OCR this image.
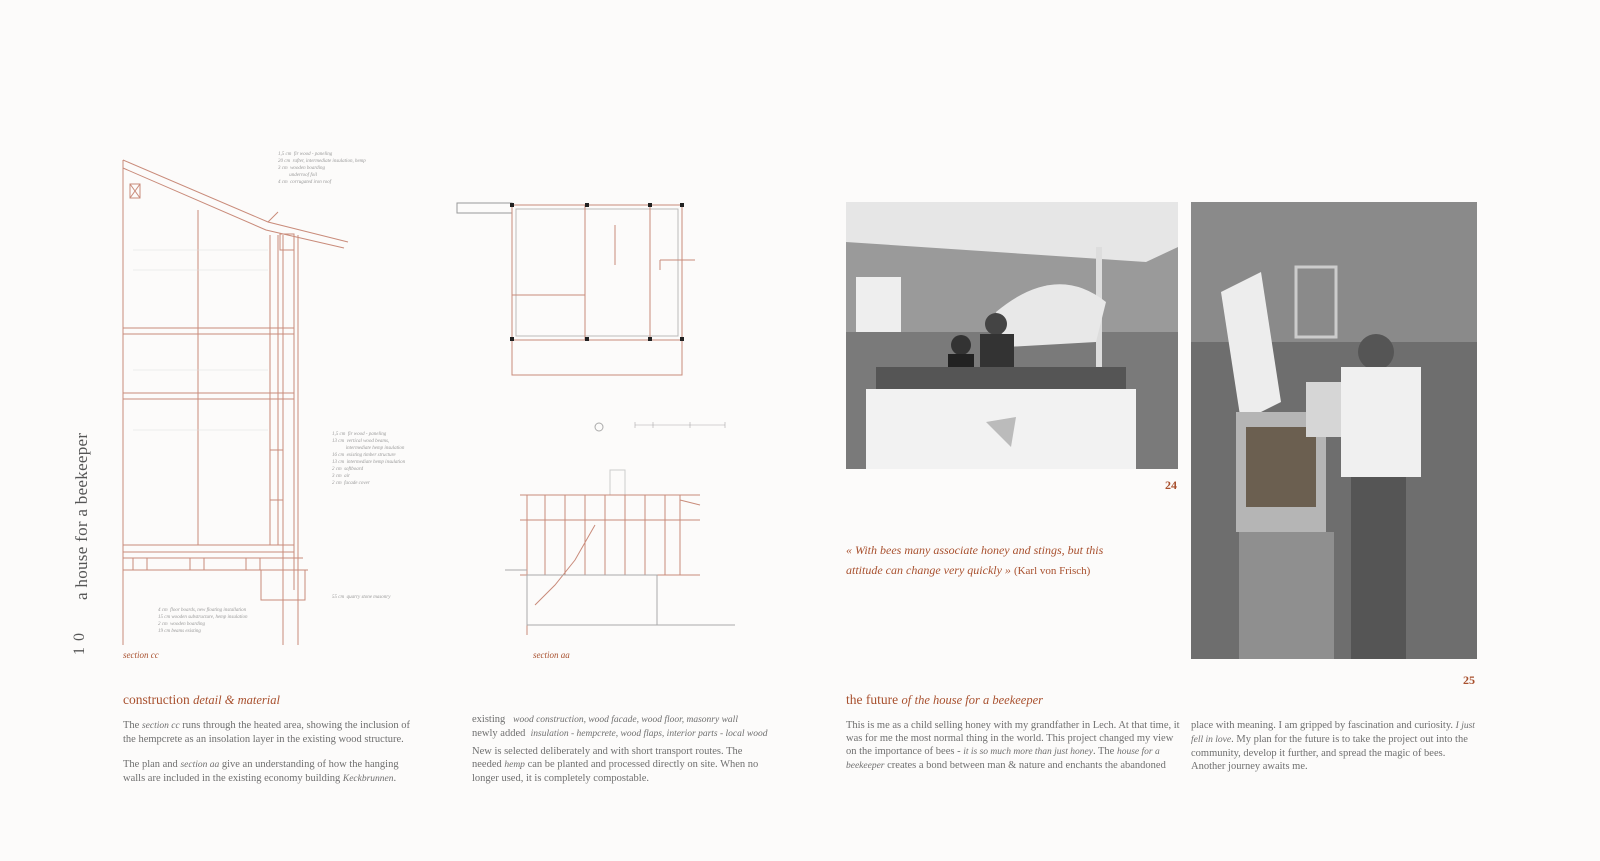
a house for a beekeeper
10
1,5 cm  fir wood - paneling
20 cm  rafter, intermediate insulation, hemp
3 cm  wooden boarding
underroof foil
4 cm  corrugated iron roof
1,5 cm  fir wood - paneling
13 cm  vertical wood beams,
intermediate hemp insulation
16 cm  existing timber structure
13 cm  intermediate hemp insulation
2 cm  softboard
3 cm  air
2 cm  facade cover
55 cm  quarry stone masonry
4 cm  floor boards, new floating installation
15 cm wooden substructure, hemp insulation
2 cm  wooden boarding
19 cm beams existing
section cc	section aa
construction detail & material
The section cc runs through the heated area, showing the inclusion of the hempcrete as an insolation layer in the existing wood structure.
The plan and section aa give an understanding of how the hanging walls are included in the existing economy building Keckbrunnen.
existing wood construction, wood facade, wood floor, masonry wall
newly added insulation - hempcrete, wood flaps, interior parts - local wood
New is selected deliberately and with short transport routes. The needed hemp can be planted and processed directly on site. When no longer used, it is completely compostable.
24
25
« With bees many associate honey and stings, but this attitude can change very quickly » (Karl von Frisch)
the future of the house for a beekeeper
This is me as a child selling honey with my grandfather in Lech. At that time, it was for me the most normal thing in the world. This project changed my view on the importance of bees - it is so much more than just honey. The house for a beekeeper creates a bond between man & nature and enchants the abandoned
place with meaning. I am gripped by fascination and curiosity. I just fell in love. My plan for the future is to take the project out into the community, develop it further, and spread the magic of bees. Another journey awaits me.
